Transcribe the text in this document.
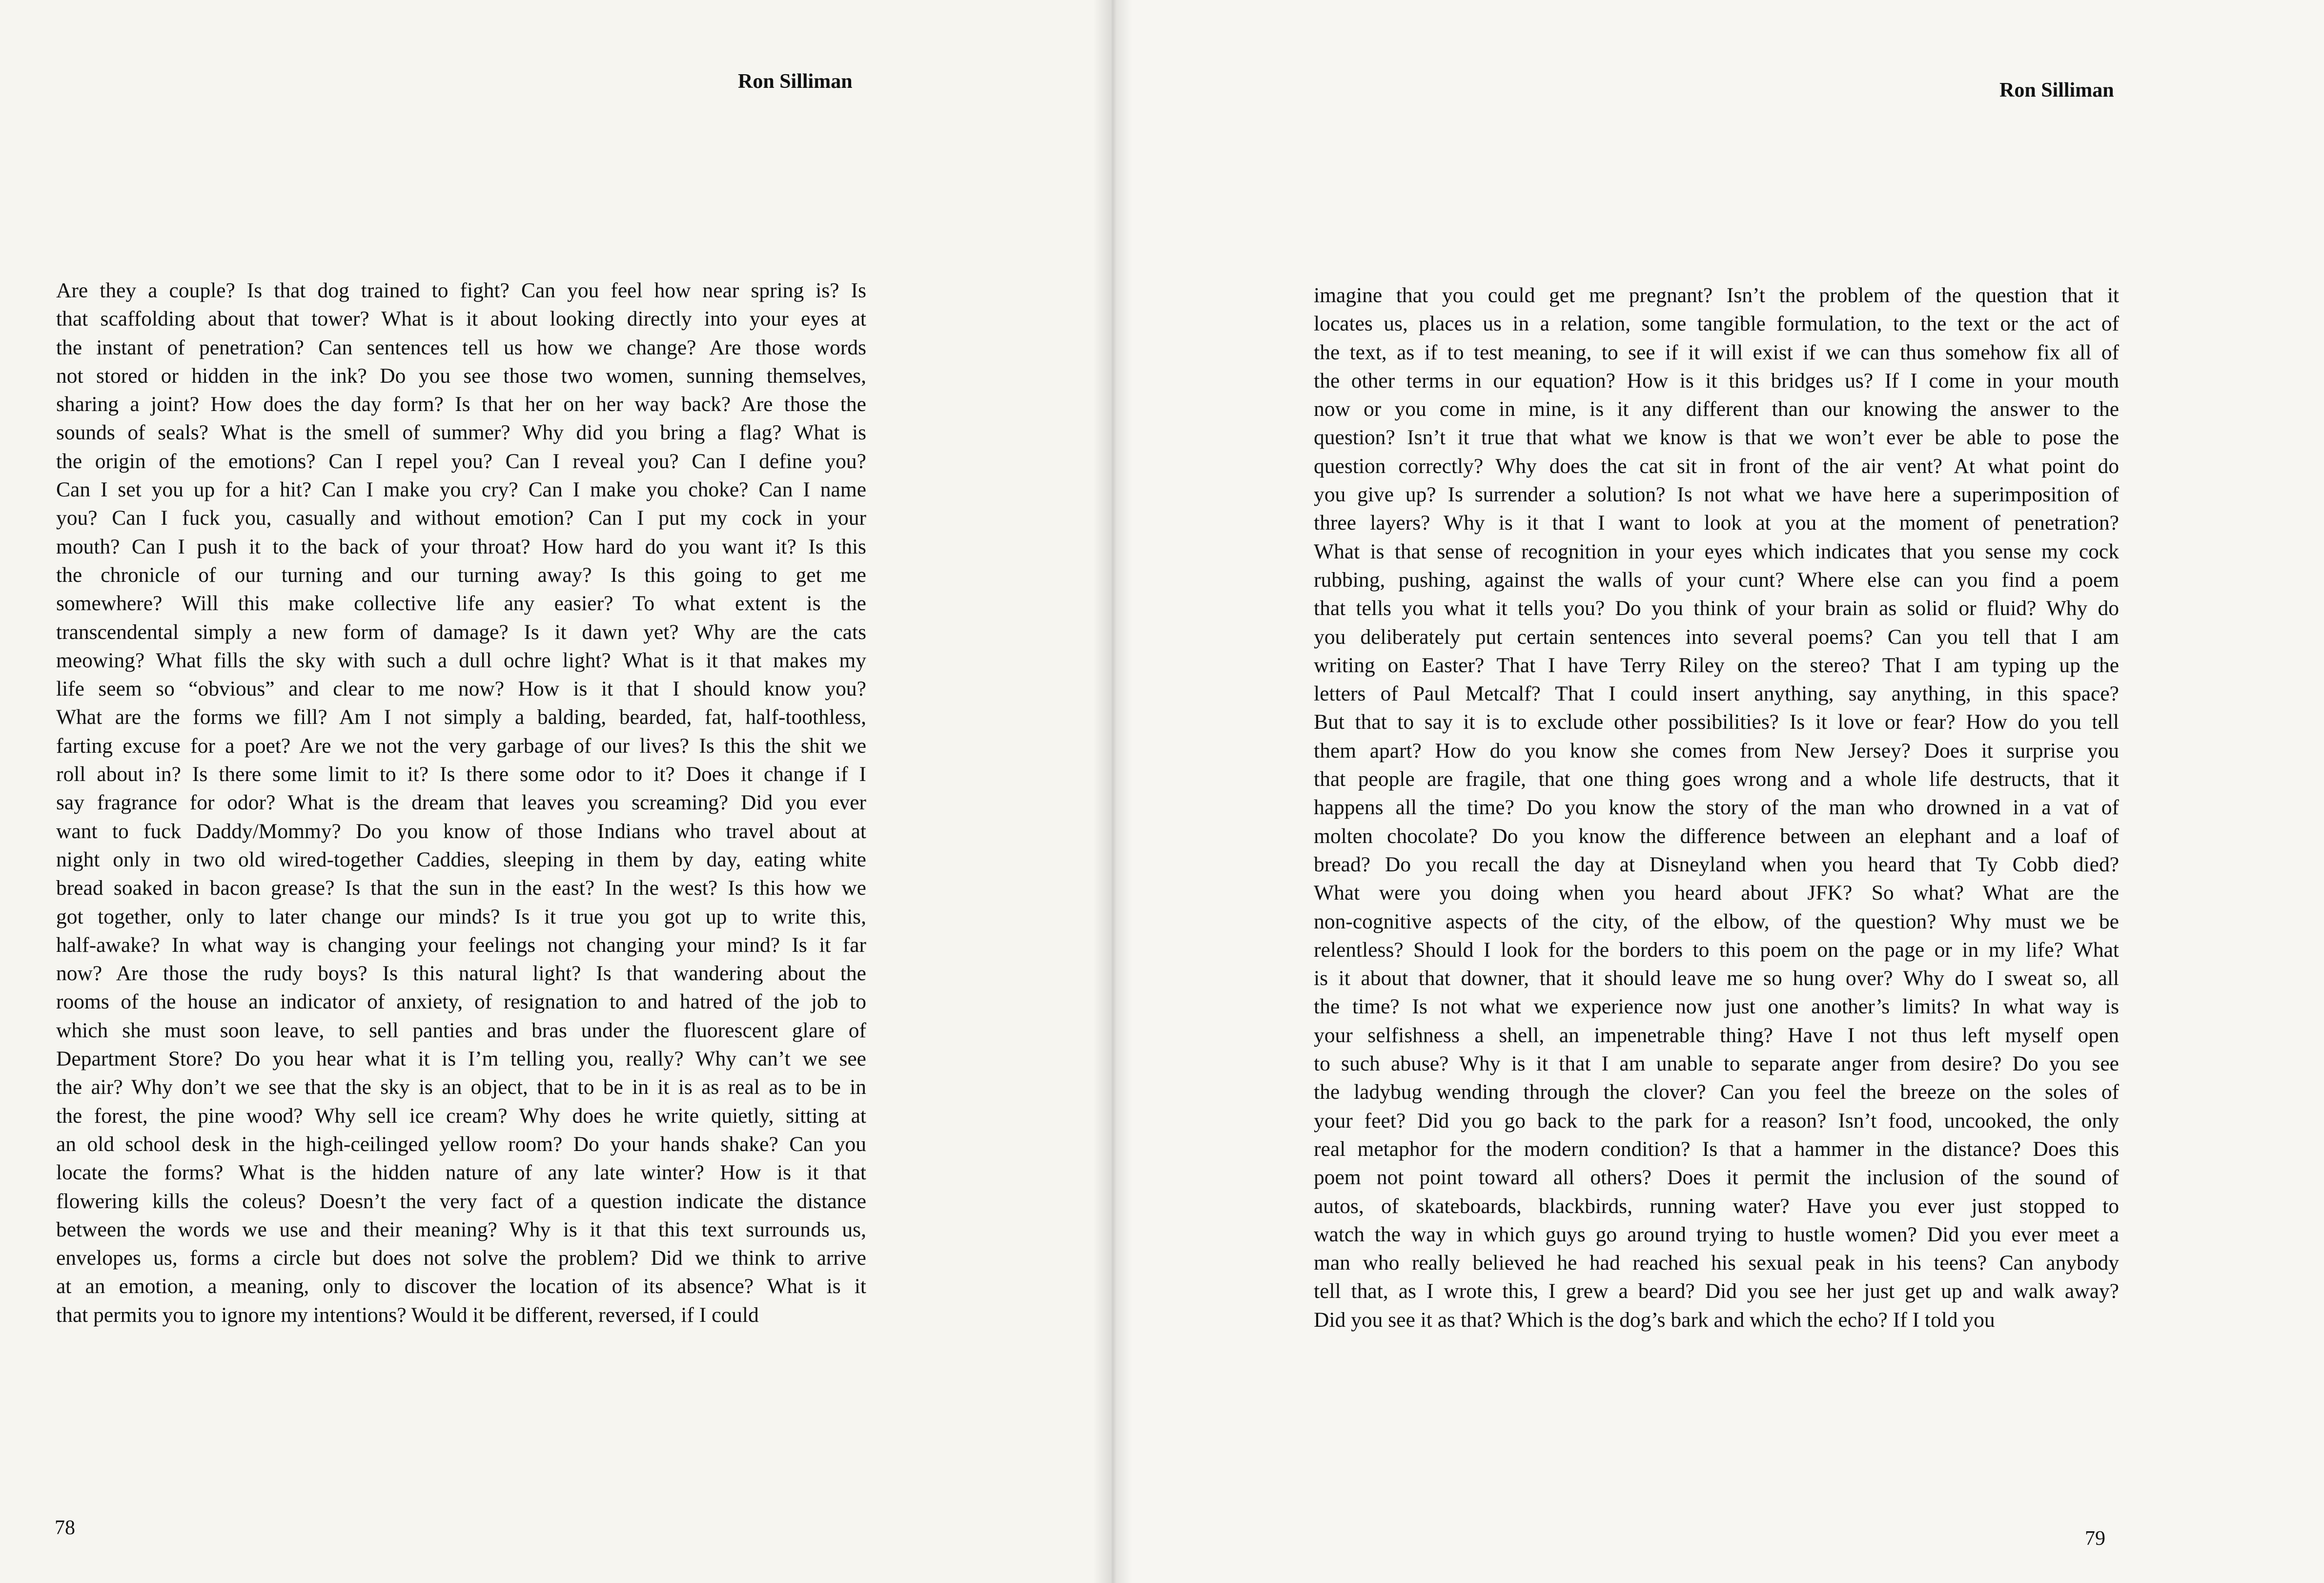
Ron Silliman
Are they a couple? Is that dog trained to fight? Can you feel how near spring is? Is
that scaffolding about that tower? What is it about looking directly into your eyes at
the instant of penetration? Can sentences tell us how we change? Are those words
not stored or hidden in the ink? Do you see those two women, sunning themselves,
sharing a joint? How does the day form? Is that her on her way back? Are those the
sounds of seals? What is the smell of summer? Why did you bring a flag? What is
the origin of the emotions? Can I repel you? Can I reveal you? Can I define you?
Can I set you up for a hit? Can I make you cry? Can I make you choke? Can I name
you? Can I fuck you, casually and without emotion? Can I put my cock in your
mouth? Can I push it to the back of your throat? How hard do you want it? Is this
the chronicle of our turning and our turning away? Is this going to get me
somewhere? Will this make collective life any easier? To what extent is the
transcendental simply a new form of damage? Is it dawn yet? Why are the cats
meowing? What fills the sky with such a dull ochre light? What is it that makes my
life seem so “obvious” and clear to me now? How is it that I should know you?
What are the forms we fill? Am I not simply a balding, bearded, fat, half-toothless,
farting excuse for a poet? Are we not the very garbage of our lives? Is this the shit we
roll about in? Is there some limit to it? Is there some odor to it? Does it change if I
say fragrance for odor? What is the dream that leaves you screaming? Did you ever
want to fuck Daddy/Mommy? Do you know of those Indians who travel about at
night only in two old wired-together Caddies, sleeping in them by day, eating white
bread soaked in bacon grease? Is that the sun in the east? In the west? Is this how we
got together, only to later change our minds? Is it true you got up to write this,
half-awake? In what way is changing your feelings not changing your mind? Is it far
now? Are those the rudy boys? Is this natural light? Is that wandering about the
rooms of the house an indicator of anxiety, of resignation to and hatred of the job to
which she must soon leave, to sell panties and bras under the fluorescent glare of
Department Store? Do you hear what it is I’m telling you, really? Why can’t we see
the air? Why don’t we see that the sky is an object, that to be in it is as real as to be in
the forest, the pine wood? Why sell ice cream? Why does he write quietly, sitting at
an old school desk in the high-ceilinged yellow room? Do your hands shake? Can you
locate the forms? What is the hidden nature of any late winter? How is it that
flowering kills the coleus? Doesn’t the very fact of a question indicate the distance
between the words we use and their meaning? Why is it that this text surrounds us,
envelopes us, forms a circle but does not solve the problem? Did we think to arrive
at an emotion, a meaning, only to discover the location of its absence? What is it
that permits you to ignore my intentions? Would it be different, reversed, if I could
78
Ron Silliman
imagine that you could get me pregnant? Isn’t the problem of the question that it
locates us, places us in a relation, some tangible formulation, to the text or the act of
the text, as if to test meaning, to see if it will exist if we can thus somehow fix all of
the other terms in our equation? How is it this bridges us? If I come in your mouth
now or you come in mine, is it any different than our knowing the answer to the
question? Isn’t it true that what we know is that we won’t ever be able to pose the
question correctly? Why does the cat sit in front of the air vent? At what point do
you give up? Is surrender a solution? Is not what we have here a superimposition of
three layers? Why is it that I want to look at you at the moment of penetration?
What is that sense of recognition in your eyes which indicates that you sense my cock
rubbing, pushing, against the walls of your cunt? Where else can you find a poem
that tells you what it tells you? Do you think of your brain as solid or fluid? Why do
you deliberately put certain sentences into several poems? Can you tell that I am
writing on Easter? That I have Terry Riley on the stereo? That I am typing up the
letters of Paul Metcalf? That I could insert anything, say anything, in this space?
But that to say it is to exclude other possibilities? Is it love or fear? How do you tell
them apart? How do you know she comes from New Jersey? Does it surprise you
that people are fragile, that one thing goes wrong and a whole life destructs, that it
happens all the time? Do you know the story of the man who drowned in a vat of
molten chocolate? Do you know the difference between an elephant and a loaf of
bread? Do you recall the day at Disneyland when you heard that Ty Cobb died?
What were you doing when you heard about JFK? So what? What are the
non-cognitive aspects of the city, of the elbow, of the question? Why must we be
relentless? Should I look for the borders to this poem on the page or in my life? What
is it about that downer, that it should leave me so hung over? Why do I sweat so, all
the time? Is not what we experience now just one another’s limits? In what way is
your selfishness a shell, an impenetrable thing? Have I not thus left myself open
to such abuse? Why is it that I am unable to separate anger from desire? Do you see
the ladybug wending through the clover? Can you feel the breeze on the soles of
your feet? Did you go back to the park for a reason? Isn’t food, uncooked, the only
real metaphor for the modern condition? Is that a hammer in the distance? Does this
poem not point toward all others? Does it permit the inclusion of the sound of
autos, of skateboards, blackbirds, running water? Have you ever just stopped to
watch the way in which guys go around trying to hustle women? Did you ever meet a
man who really believed he had reached his sexual peak in his teens? Can anybody
tell that, as I wrote this, I grew a beard? Did you see her just get up and walk away?
Did you see it as that? Which is the dog’s bark and which the echo? If I told you
79
